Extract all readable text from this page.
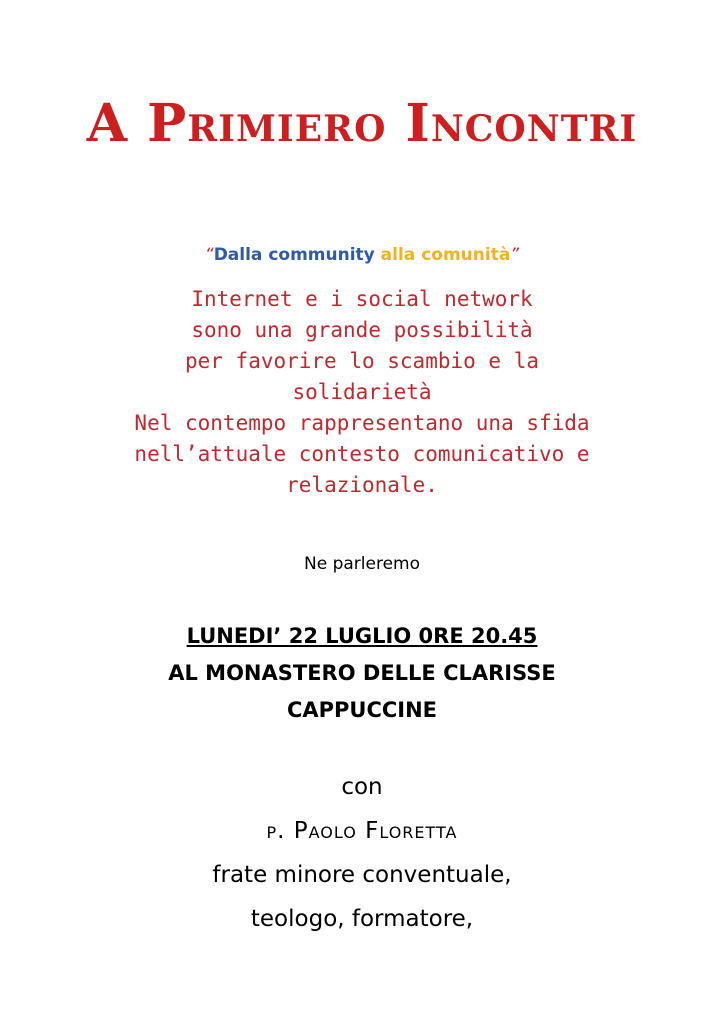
A Primiero Incontri
“Dalla community alla comunità”
Internet e i social network
sono una grande possibilità
per favorire lo scambio e la
solidarietà
Nel contempo rappresentano una sfida
nell’attuale contesto comunicativo e
relazionale.
Ne parleremo
LUNEDI’ 22 LUGLIO 0RE 20.45
AL MONASTERO DELLE CLARISSE
CAPPUCCINE
con
p. Paolo Floretta
frate minore conventuale,
teologo, formatore,
